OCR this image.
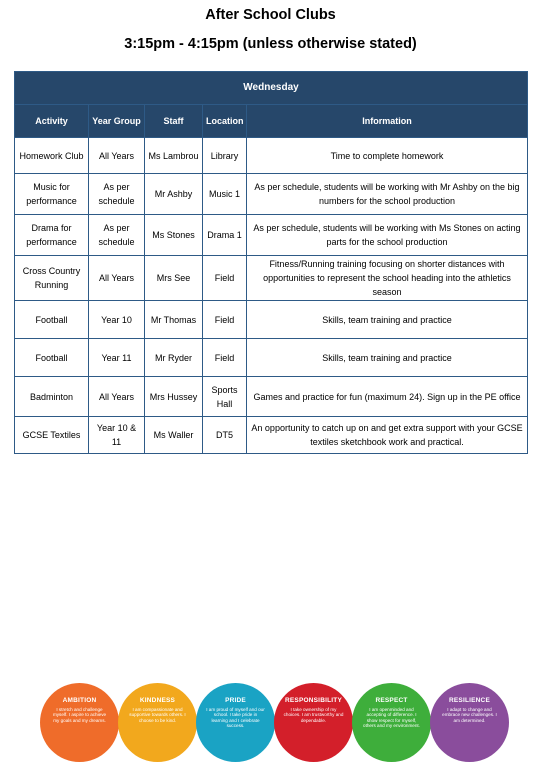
After School Clubs
3:15pm - 4:15pm (unless otherwise stated)
Wednesday				
Activity	Year Group	Staff	Location	Information
Homework Club	All Years	Ms Lambrou	Library	Time to complete homework
Music for performance	As per schedule	Mr Ashby	Music 1	As per schedule, students will be working with Mr Ashby on the big numbers for the school production
Drama for performance	As per schedule	Ms Stones	Drama 1	As per schedule, students will be working with Ms Stones on acting parts for the school production
Cross Country Running	All Years	Mrs See	Field	Fitness/Running training focusing on shorter distances with opportunities to represent the school heading into the athletics season
Football	Year 10	Mr Thomas	Field	Skills, team training and practice
Football	Year 11	Mr Ryder	Field	Skills, team training and practice
Badminton	All Years	Mrs Hussey	Sports Hall	Games and practice for fun (maximum 24). Sign up in the PE office
GCSE Textiles	Year 10 & 11	Ms Waller	DT5	An opportunity to catch up on and get extra support with your GCSE textiles sketchbook work and practical.
AMBITION
I stretch and challenge myself. I aspire to achieve my goals and my dreams.
KINDNESS
I am compassionate and supportive towards others. I choose to be kind.
PRIDE
I am proud of myself and our school. I take pride in learning and I celebrate success.
RESPONSIBILITY
I take ownership of my choices. I am trustworthy and dependable.
RESPECT
I am openminded and accepting of difference. I show respect for myself, others and my environment.
RESILIENCE
I adapt to change and embrace new challenges. I am determined.
